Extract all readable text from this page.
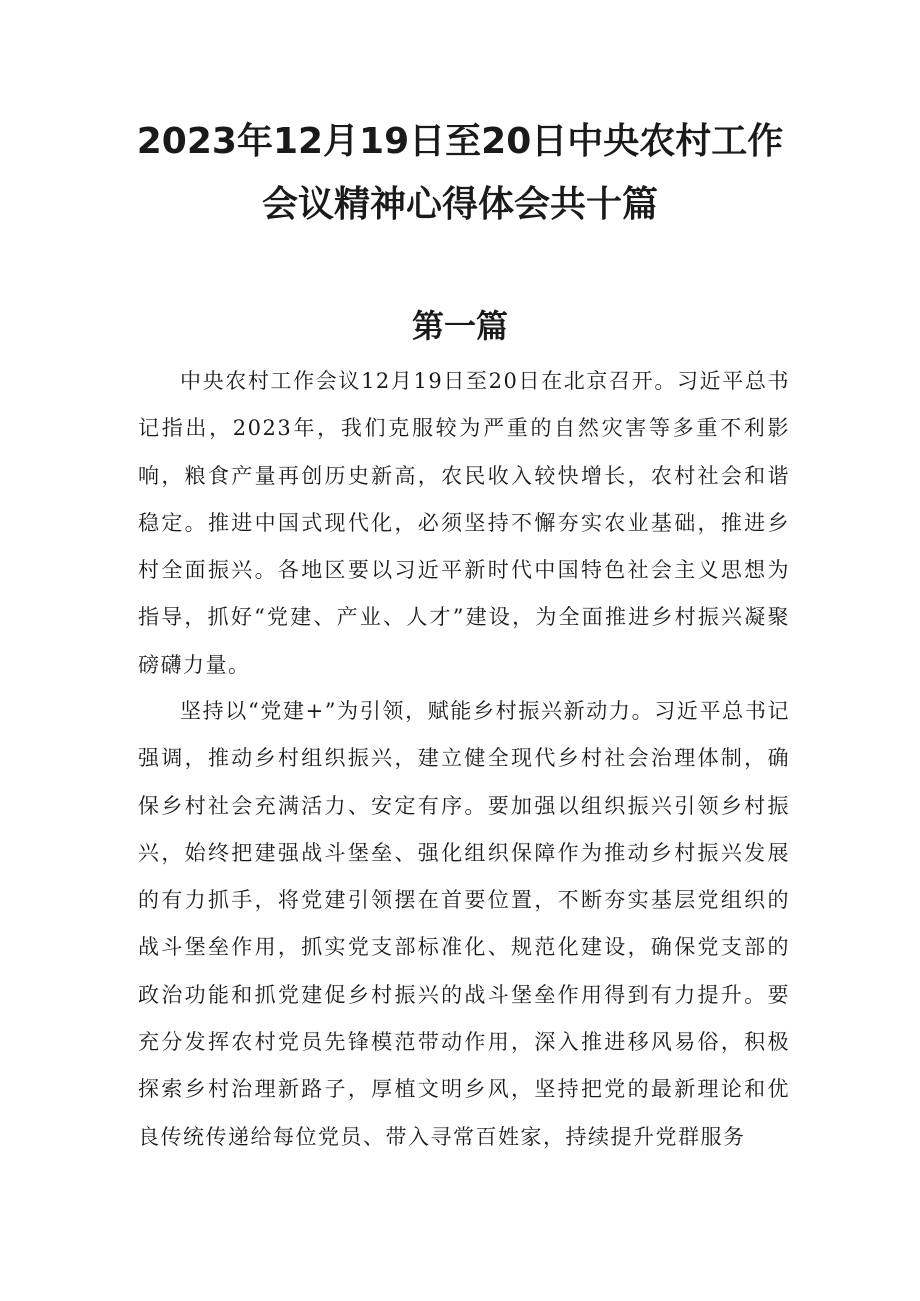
2023年12月19日至20日中央农村工作
会议精神心得体会共十篇
第一篇

中央农村工作会议12月19日至20日在北京召开。习近平总书记指出，2023年，我们克服较为严重的自然灾害等多重不利影响，粮食产量再创历史新高，农民收入较快增长，农村社会和谐稳定。推进中国式现代化，必须坚持不懈夯实农业基础，推进乡村全面振兴。各地区要以习近平新时代中国特色社会主义思想为指导，抓好“党建、产业、人才”建设，为全面推进乡村振兴凝聚磅礴力量。

坚持以“党建+”为引领，赋能乡村振兴新动力。习近平总书记强调，推动乡村组织振兴，建立健全现代乡村社会治理体制，确保乡村社会充满活力、安定有序。要加强以组织振兴引领乡村振兴，始终把建强战斗堡垒、强化组织保障作为推动乡村振兴发展的有力抓手，将党建引领摆在首要位置，不断夯实基层党组织的战斗堡垒作用，抓实党支部标准化、规范化建设，确保党支部的政治功能和抓党建促乡村振兴的战斗堡垒作用得到有力提升。要充分发挥农村党员先锋模范带动作用，深入推进移风易俗，积极探索乡村治理新路子，厚植文明乡风，坚持把党的最新理论和优良传统传递给每位党员、带入寻常百姓家，持续提升党群服务
